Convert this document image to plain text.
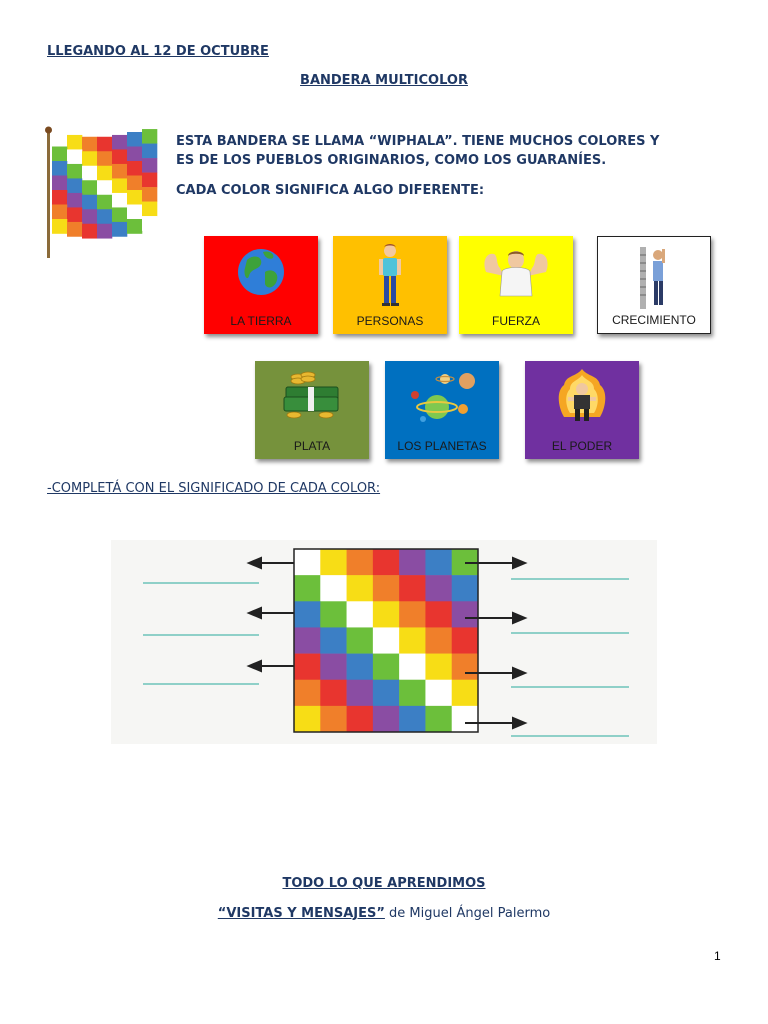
LLEGANDO AL 12 DE OCTUBRE
BANDERA MULTICOLOR
ESTA BANDERA SE LLAMA “WIPHALA”. TIENE MUCHOS COLORES Y
ES DE LOS PUEBLOS ORIGINARIOS, COMO LOS GUARANÍES.
CADA COLOR SIGNIFICA ALGO DIFERENTE:
LA TIERRA	PERSONAS	FUERZA	CRECIMIENTO
PLATA	LOS PLANETAS	EL PODER
-COMPLETÁ CON EL SIGNIFICADO DE CADA COLOR:
TODO LO QUE APRENDIMOS
“VISITAS Y MENSAJES” de Miguel Ángel Palermo
1
